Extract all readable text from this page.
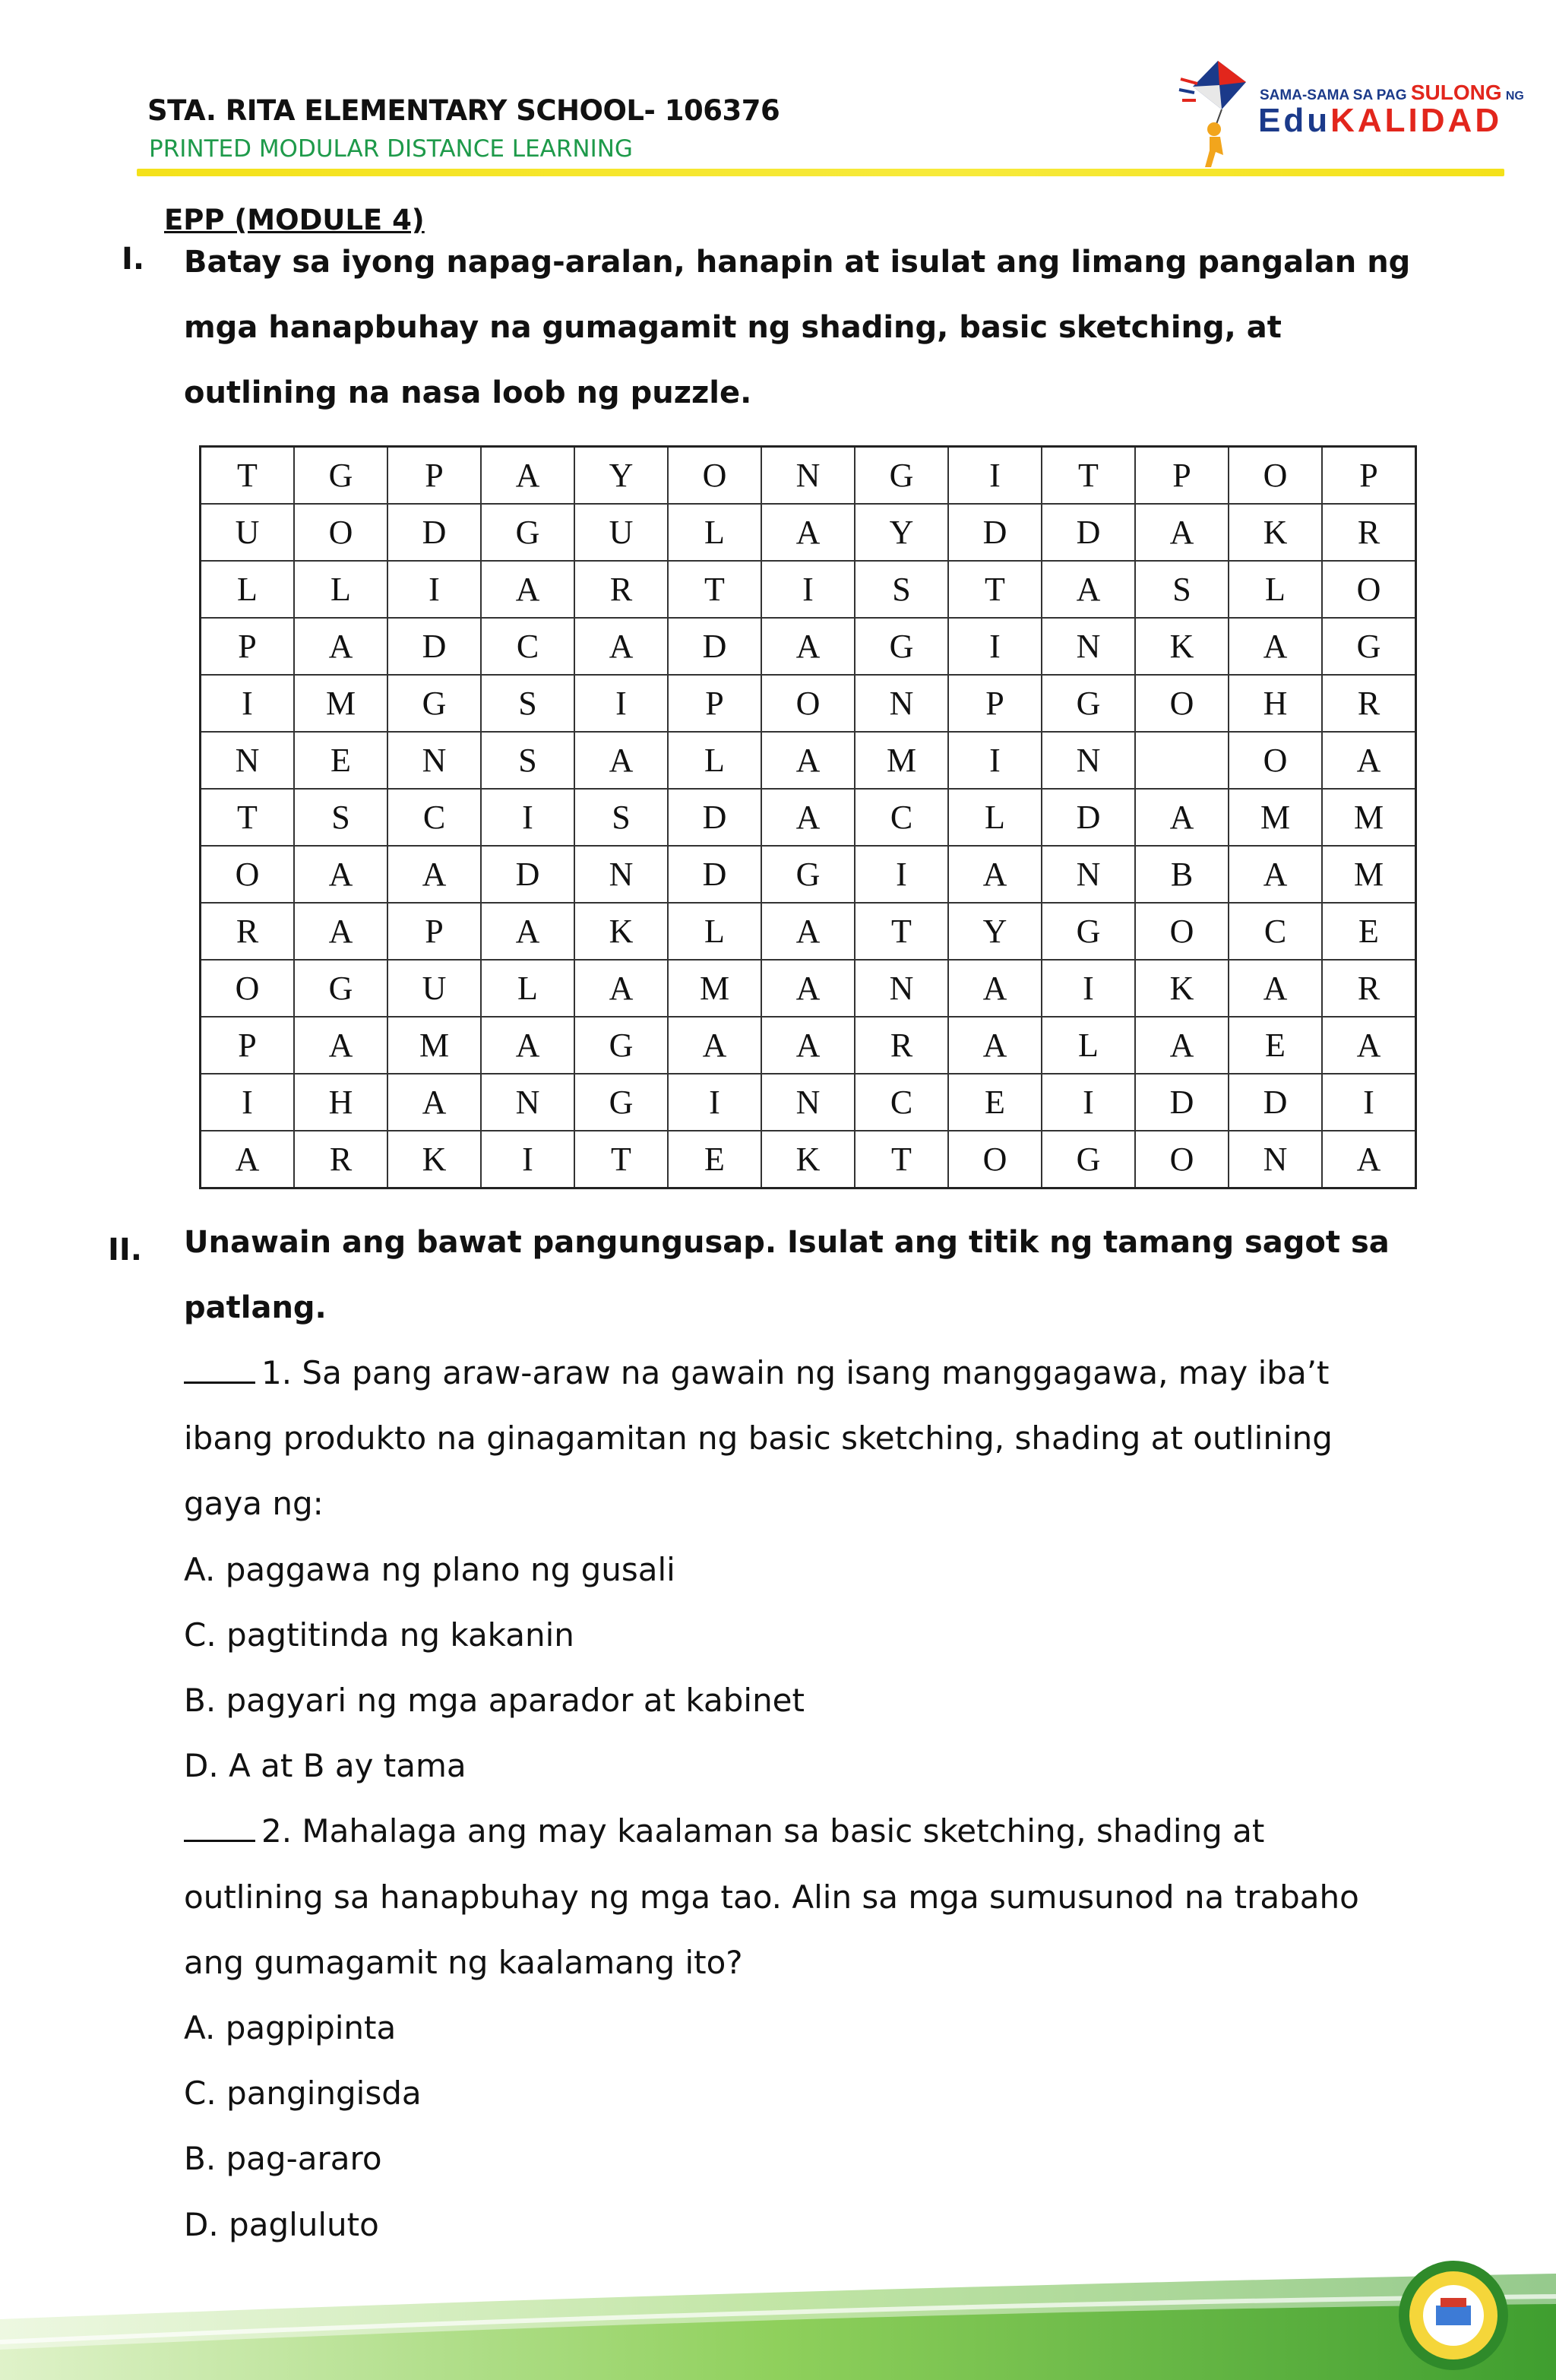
STA. RITA ELEMENTARY SCHOOL- 106376
PRINTED MODULAR DISTANCE LEARNING
SAMA-SAMA SA PAG SULONG NG
EduKALIDAD
EPP (MODULE 4)
I. Batay sa iyong napag-aralan, hanapin at isulat ang limang pangalan ng
mga hanapbuhay na gumagamit ng shading, basic sketching, at
outlining na nasa loob ng puzzle.
T	G	P	A	Y	O	N	G	I	T	P	O	P
U	O	D	G	U	L	A	Y	D	D	A	K	R
L	L	I	A	R	T	I	S	T	A	S	L	O
P	A	D	C	A	D	A	G	I	N	K	A	G
I	M	G	S	I	P	O	N	P	G	O	H	R
N	E	N	S	A	L	A	M	I	N		O	A
T	S	C	I	S	D	A	C	L	D	A	M	M
O	A	A	D	N	D	G	I	A	N	B	A	M
R	A	P	A	K	L	A	T	Y	G	O	C	E
O	G	U	L	A	M	A	N	A	I	K	A	R
P	A	M	A	G	A	A	R	A	L	A	E	A
I	H	A	N	G	I	N	C	E	I	D	D	I
A	R	K	I	T	E	K	T	O	G	O	N	A
II. Unawain ang bawat pangungusap. Isulat ang titik ng tamang sagot sa
patlang.

1. Sa pang araw-araw na gawain ng isang manggagawa, may iba’t

ibang produkto na ginagamitan ng basic sketching, shading at outlining

gaya ng:

A. paggawa ng plano ng gusali

C. pagtitinda ng kakanin

B. pagyari ng mga aparador at kabinet

D. A at B ay tama

2. Mahalaga ang may kaalaman sa basic sketching, shading at

outlining sa hanapbuhay ng mga tao. Alin sa mga sumusunod na trabaho

ang gumagamit ng kaalamang ito?

A. pagpipinta

C. pangingisda

B. pag-araro

D. pagluluto
